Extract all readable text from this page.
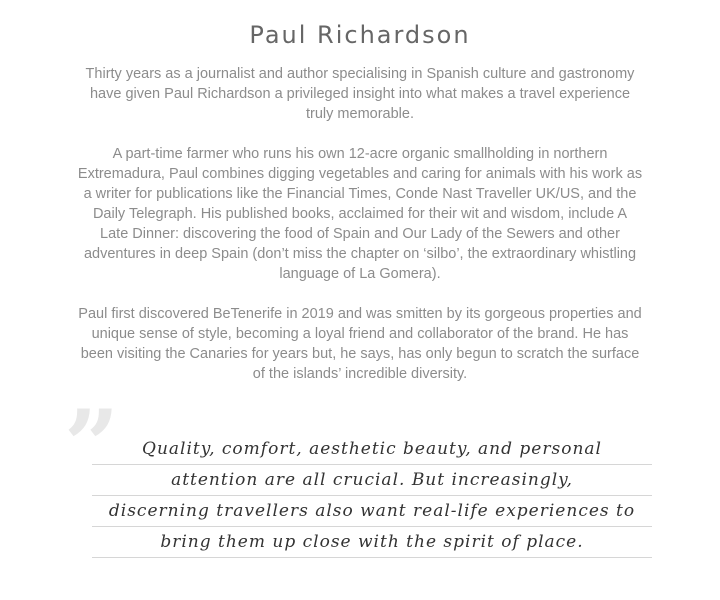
Paul Richardson

Thirty years as a journalist and author specialising in Spanish culture and gastronomy
have given Paul Richardson a privileged insight into what makes a travel experience
truly memorable.

A part-time farmer who runs his own 12-acre organic smallholding in northern
Extremadura, Paul combines digging vegetables and caring for animals with his work as
a writer for publications like the Financial Times, Conde Nast Traveller UK/US, and the
Daily Telegraph. His published books, acclaimed for their wit and wisdom, include A
Late Dinner: discovering the food of Spain and Our Lady of the Sewers and other
adventures in deep Spain (don’t miss the chapter on ‘silbo’, the extraordinary whistling
language of La Gomera).

Paul first discovered BeTenerife in 2019 and was smitten by its gorgeous properties and
unique sense of style, becoming a loyal friend and collaborator of the brand. He has
been visiting the Canaries for years but, he says, has only begun to scratch the surface
of the islands’ incredible diversity.

”	Quality, comfort, aesthetic beauty, and personal
attention are all crucial. But increasingly,
discerning travellers also want real-life experiences to
bring them up close with the spirit of place.
